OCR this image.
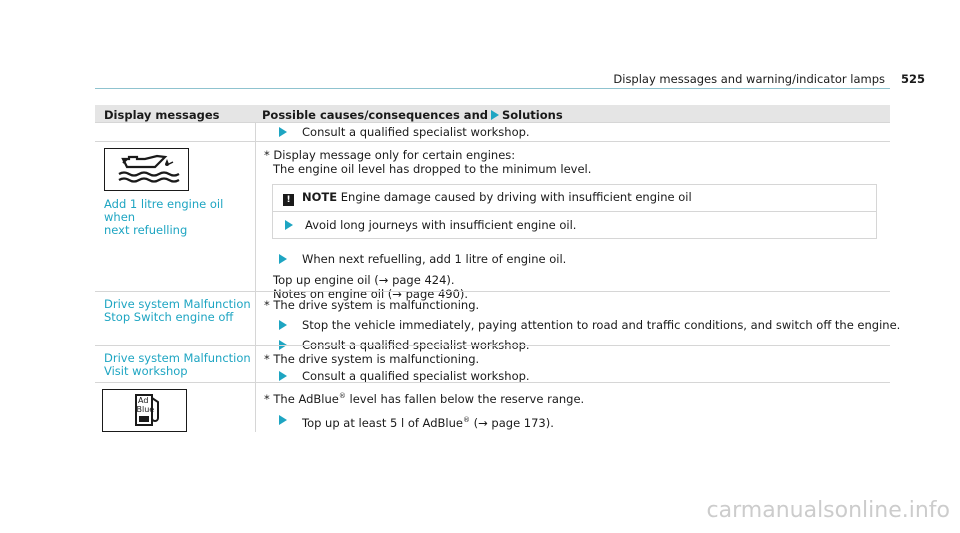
Display messages and warning/indicator lamps 525
Display messages	Possible causes/consequences and Solutions
Consult a qualified specialist workshop.
Add 1 litre engine oil when
next refuelling
* Display message only for certain engines:
The engine oil level has dropped to the minimum level.
! NOTE Engine damage caused by driving with insufficient engine oil
Avoid long journeys with insufficient engine oil.
When next refuelling, add 1 litre of engine oil.
Top up engine oil (→ page 424).
Notes on engine oil (→ page 490).
Drive system Malfunction
Stop Switch engine off
* The drive system is malfunctioning.
Stop the vehicle immediately, paying attention to road and traffic conditions, and switch off the engine.
Consult a qualified specialist workshop.
Drive system Malfunction
Visit workshop
* The drive system is malfunctioning.
Consult a qualified specialist workshop.
Ad
Blue
* The AdBlue® level has fallen below the reserve range.
Top up at least 5 l of AdBlue® (→ page 173).
carmanualsonline.info
